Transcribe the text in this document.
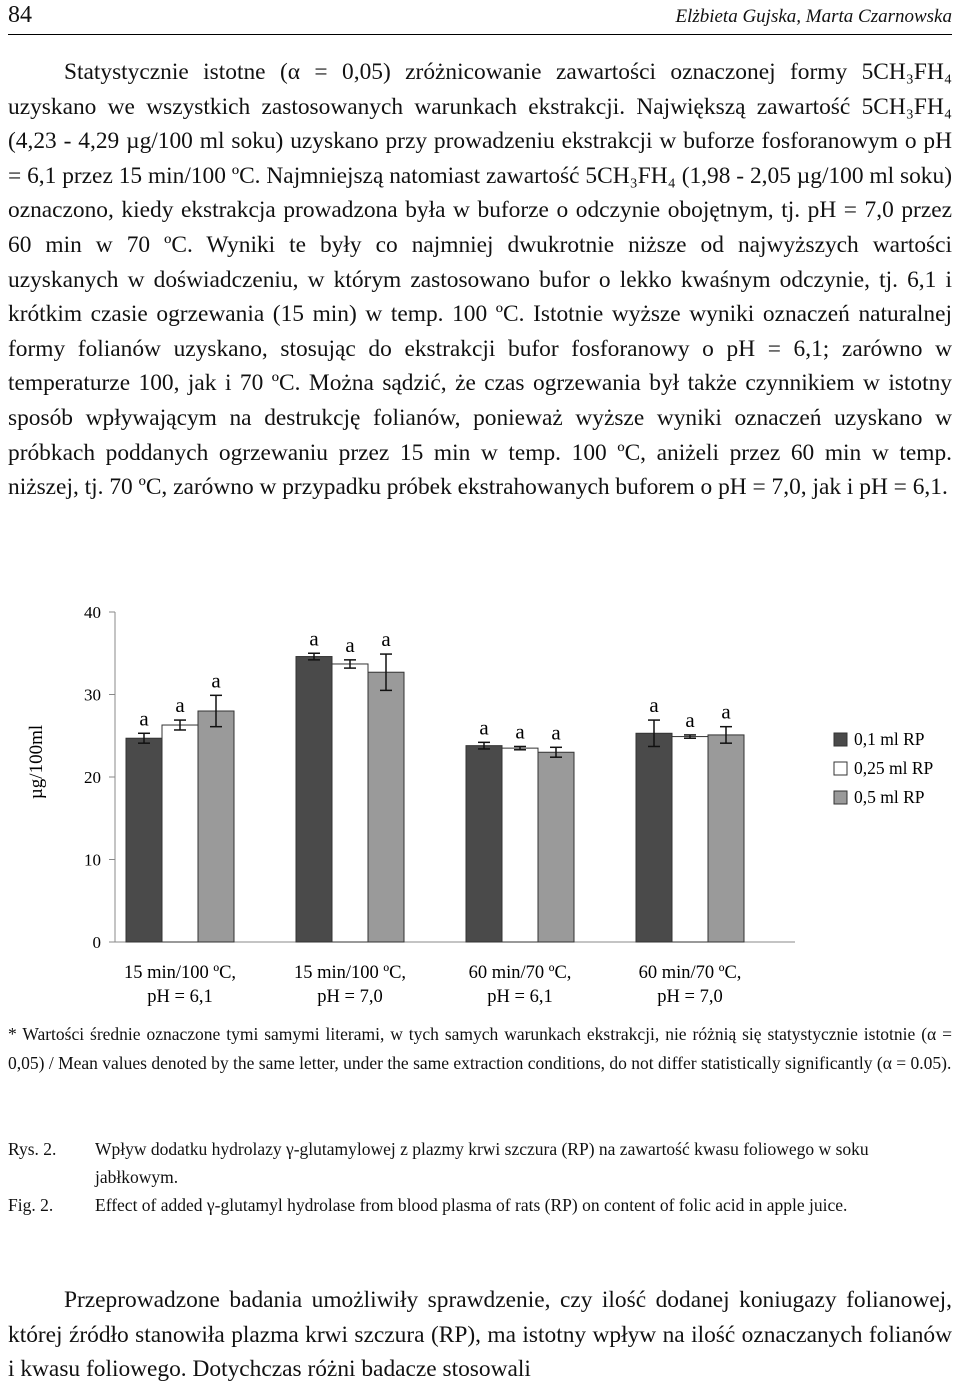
84	Elżbieta Gujska, Marta Czarnowska

Statystycznie istotne (α = 0,05) zróżnicowanie zawartości oznaczonej formy 5CH₃FH₄ uzyskano we wszystkich zastosowanych warunkach ekstrakcji. Największą zawartość 5CH₃FH₄ (4,23 - 4,29 µg/100 ml soku) uzyskano przy prowadzeniu ekstrakcji w buforze fosforanowym o pH = 6,1 przez 15 min/100 ºC. Najmniejszą natomiast zawartość 5CH₃FH₄ (1,98 - 2,05 µg/100 ml soku) oznaczono, kiedy ekstrakcja prowadzona była w buforze o odczynie obojętnym, tj. pH = 7,0 przez 60 min w 70 ºC. Wyniki te były co najmniej dwukrotnie niższe od najwyższych wartości uzyskanych w doświadczeniu, w którym zastosowano bufor o lekko kwaśnym odczynie, tj. 6,1 i krótkim czasie ogrzewania (15 min) w temp. 100 ºC. Istotnie wyższe wyniki oznaczeń naturalnej formy folianów uzyskano, stosując do ekstrakcji bufor fosforanowy o pH = 6,1; zarówno w temperaturze 100, jak i 70 ºC. Można sądzić, że czas ogrzewania był także czynnikiem w istotny sposób wpływającym na destrukcję folianów, ponieważ wyższe wyniki oznaczeń uzyskano w próbkach poddanych ogrzewaniu przez 15 min w temp. 100 ºC, aniżeli przez 60 min w temp. niższej, tj. 70 ºC, zarówno w przypadku próbek ekstrahowanych buforem o pH = 7,0, jak i pH = 6,1.

0
10
20
30
40
µg/100ml
a
a
a
15 min/100 ºC,
pH = 6,1
a a a
15 min/100 ºC,
pH = 7,0
a a a
60 min/70 ºC,
pH = 6,1
a
a a
60 min/70 ºC,
pH = 7,0
0,1 ml RP
0,25 ml RP
0,5 ml RP
* Wartości średnie oznaczone tymi samymi literami, w tych samych warunkach ekstrakcji, nie różnią się statystycznie istotnie (α = 0,05) / Mean values denoted by the same letter, under the same extraction conditions, do not differ statistically significantly (α = 0.05).
Rys. 2. Wpływ dodatku hydrolazy γ-glutamylowej z plazmy krwi szczura (RP) na zawartość kwasu foliowego w soku jabłkowym.
Fig. 2. Effect of added γ-glutamyl hydrolase from blood plasma of rats (RP) on content of folic acid in apple juice.

Przeprowadzone badania umożliwiły sprawdzenie, czy ilość dodanej koniugazy folianowej, której źródło stanowiła plazma krwi szczura (RP), ma istotny wpływ na ilość oznaczanych folianów i kwasu foliowego. Dotychczas różni badacze stosowali
